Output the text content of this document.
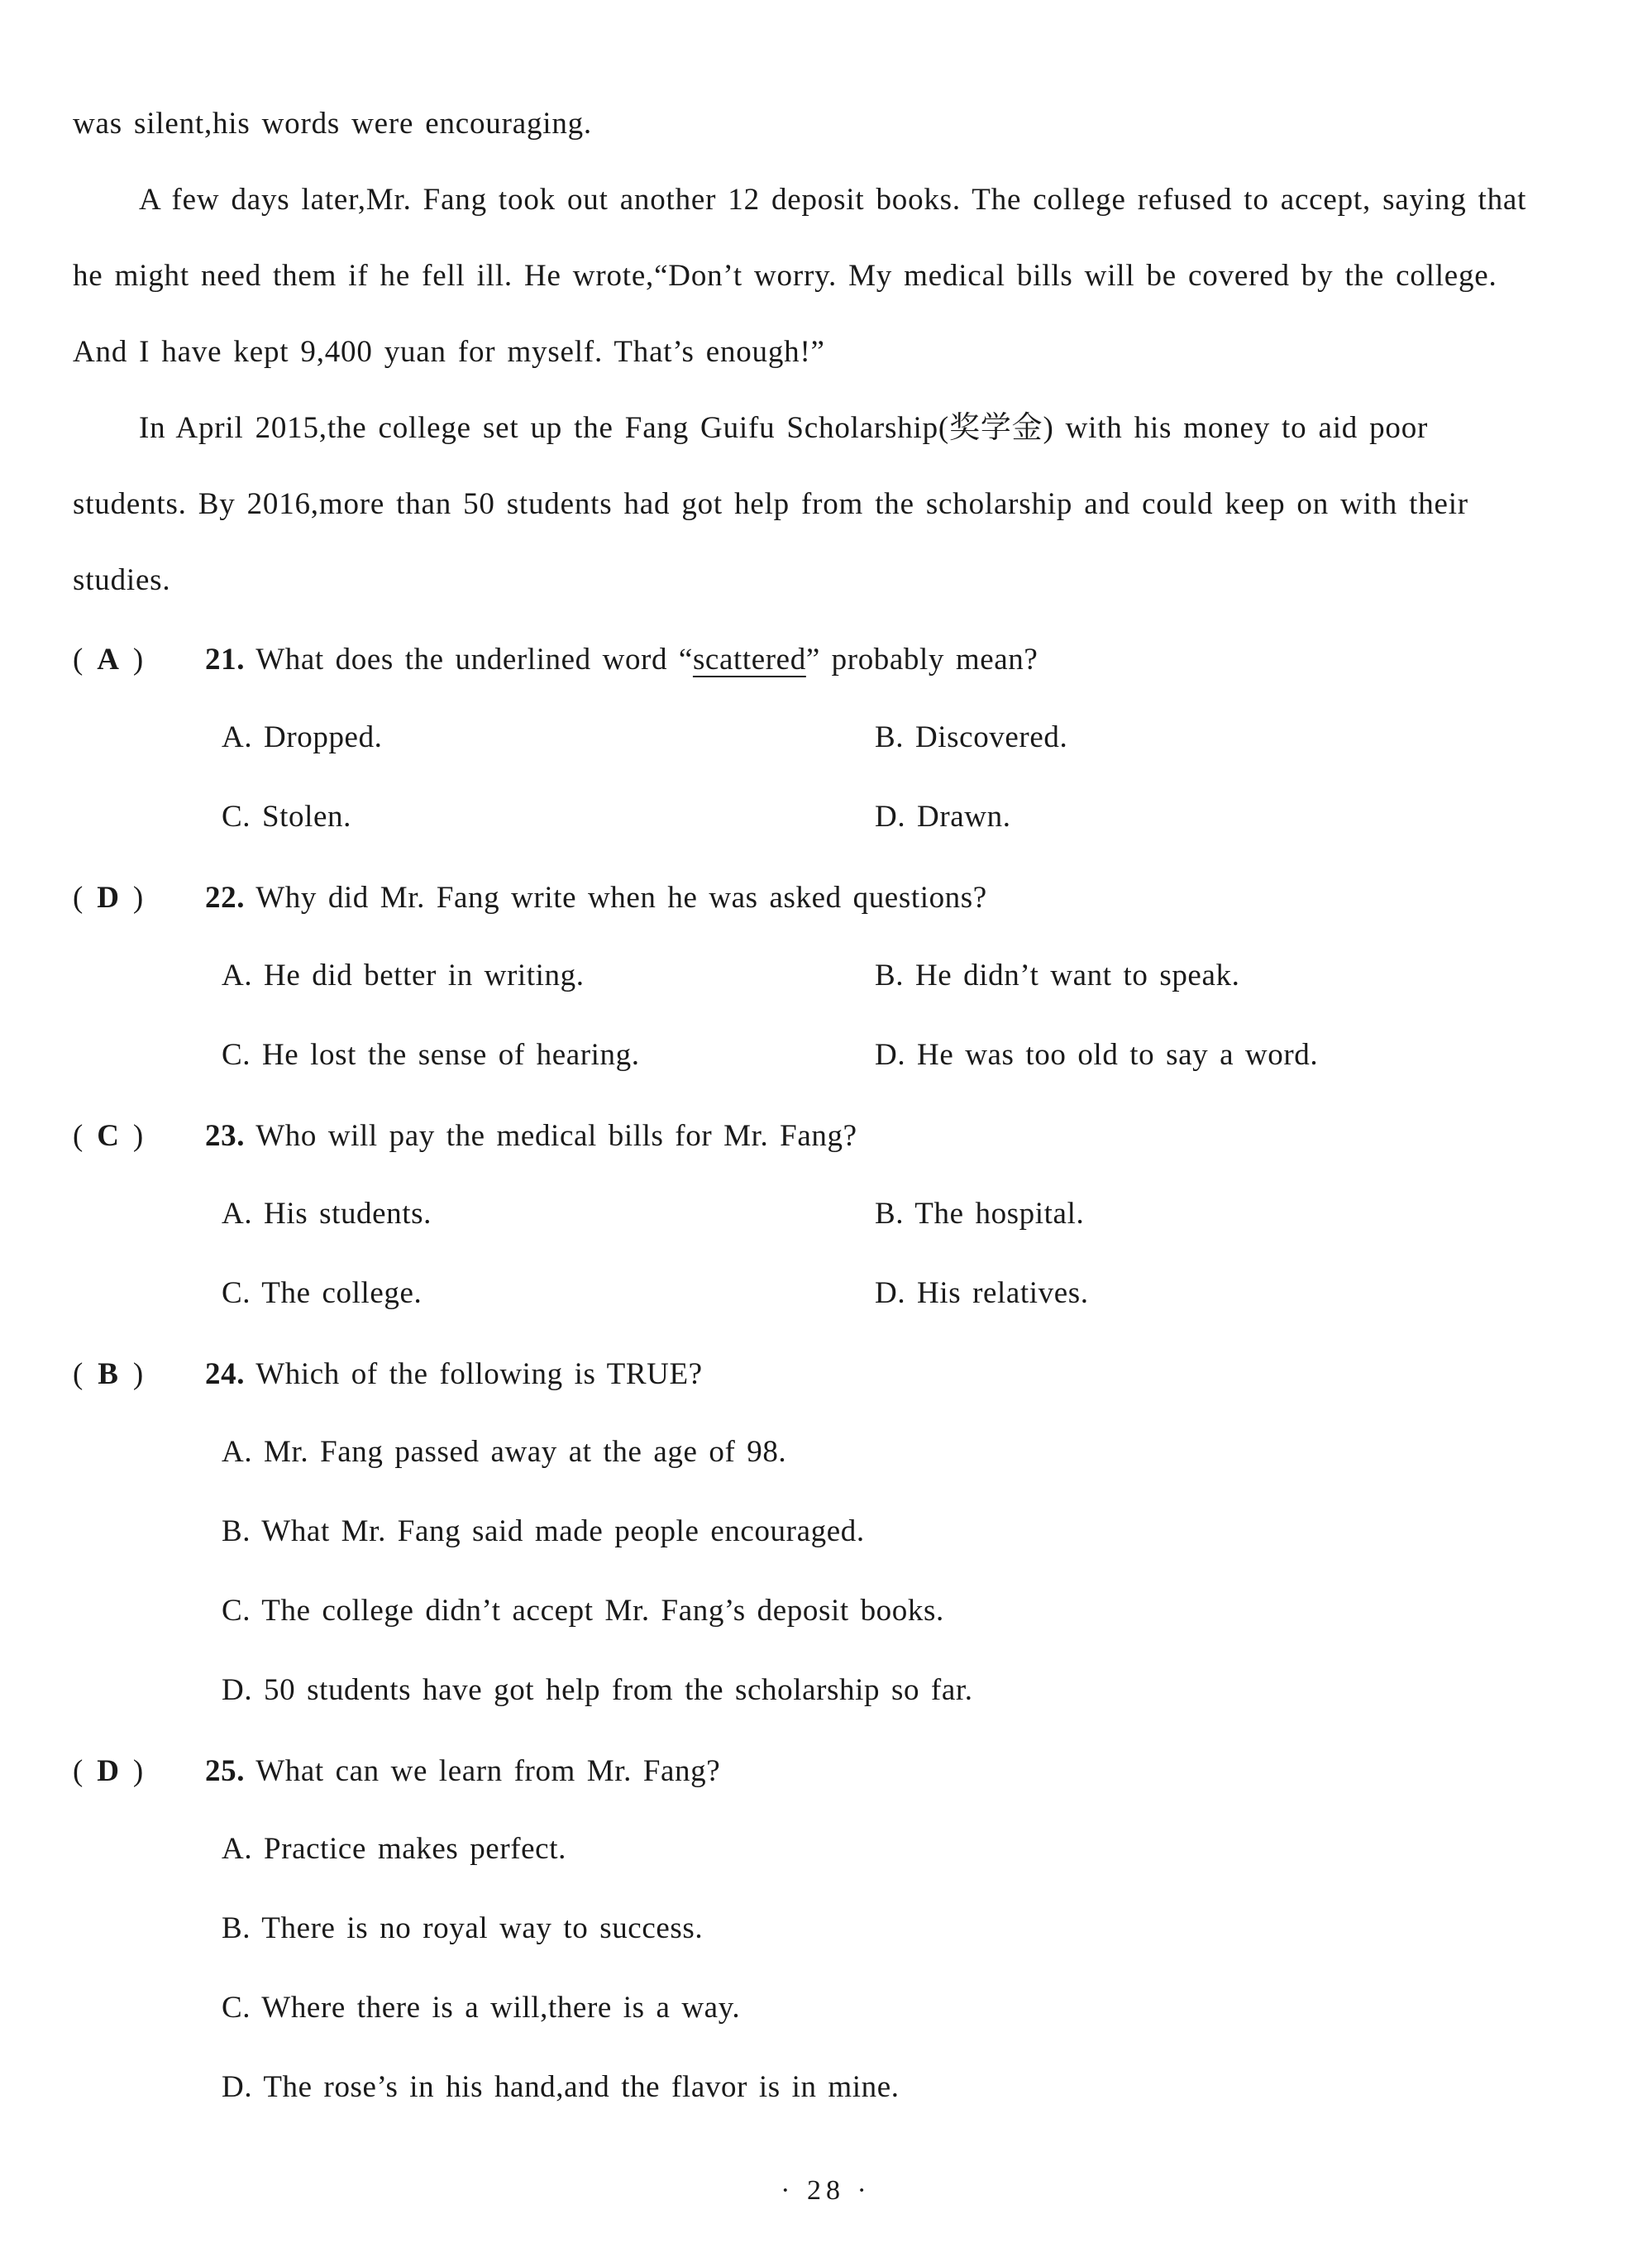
was silent,his words were encouraging.

A few days later,Mr. Fang took out another 12 deposit books. The college refused to accept, saying that he might need them if he fell ill. He wrote,“Don’t worry. My medical bills will be covered by the college. And I have kept 9,400 yuan for myself. That’s enough!”

In April 2015,the college set up the Fang Guifu Scholarship(奖学金) with his money to aid poor students. By 2016,more than 50 students had got help from the scholarship and could keep on with their studies.

( A ) 21. What does the underlined word “scattered” probably mean?
A. Dropped.	B. Discovered.
C. Stolen.	D. Drawn.
( D ) 22. Why did Mr. Fang write when he was asked questions?
A. He did better in writing.	B. He didn’t want to speak.
C. He lost the sense of hearing.	D. He was too old to say a word.
( C ) 23. Who will pay the medical bills for Mr. Fang?
A. His students.	B. The hospital.
C. The college.	D. His relatives.
( B ) 24. Which of the following is TRUE?
A. Mr. Fang passed away at the age of 98.
B. What Mr. Fang said made people encouraged.
C. The college didn’t accept Mr. Fang’s deposit books.
D. 50 students have got help from the scholarship so far.
( D ) 25. What can we learn from Mr. Fang?
A. Practice makes perfect.
B. There is no royal way to success.
C. Where there is a will,there is a way.
D. The rose’s in his hand,and the flavor is in mine.
· 28 ·
